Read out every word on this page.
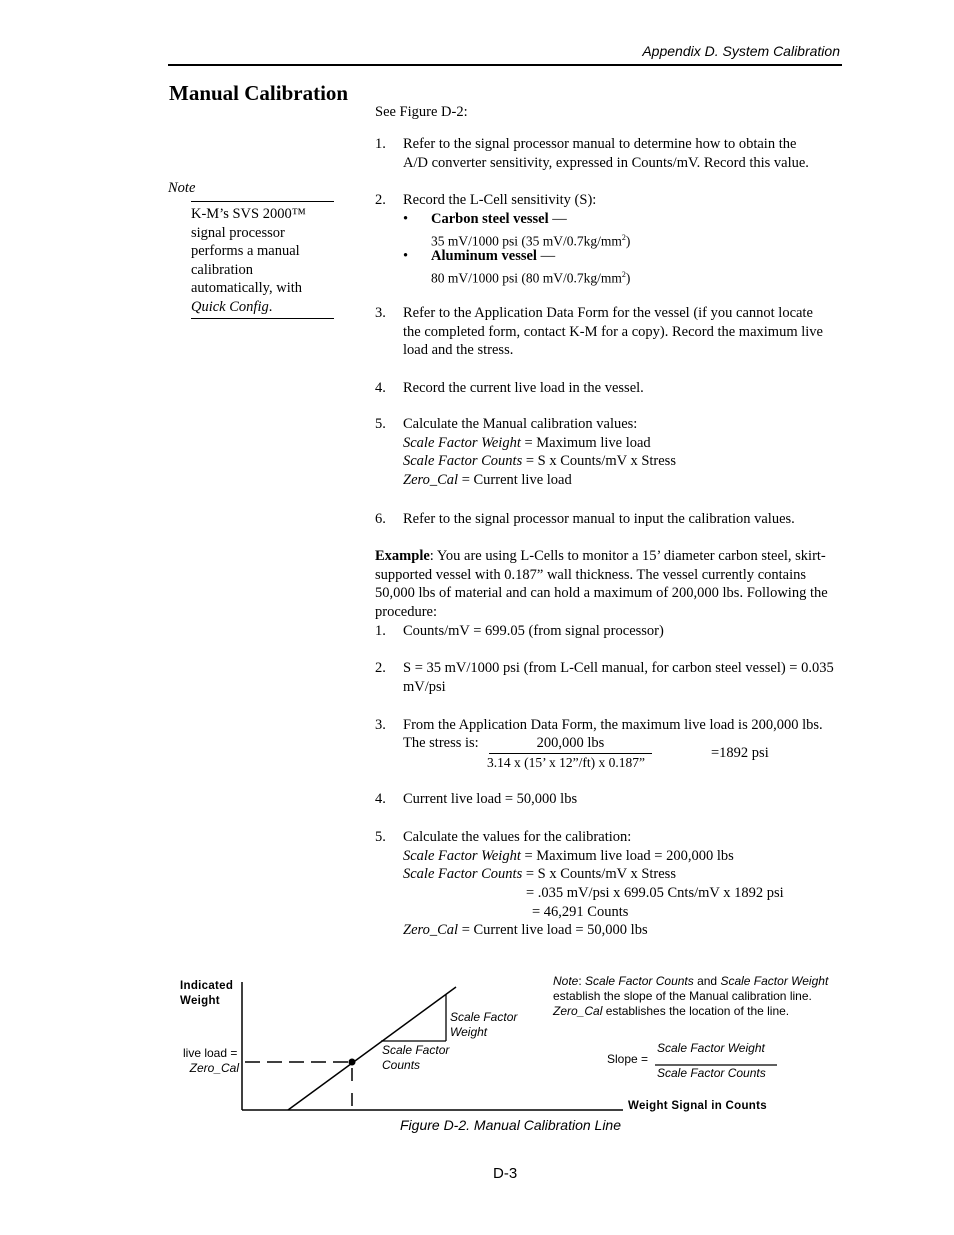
Appendix D. System Calibration
Manual Calibration
Note
K-M’s SVS 2000™
signal processor
performs a manual
calibration
automatically, with
Quick Config.
See Figure D-2:
1. Refer to the signal processor manual to determine how to obtain the
A/D converter sensitivity, expressed in Counts/mV. Record this value.
2. Record the L-Cell sensitivity (S):
• Carbon steel vessel —
35 mV/1000 psi (35 $mV/0.7kg/mm^2$)
• Aluminum vessel —
80 mV/1000 psi (80 $mV/0.7kg/mm^2$)
3. Refer to the Application Data Form for the vessel (if you cannot locate
the completed form, contact K-M for a copy). Record the maximum live
load and the stress.
4. Record the current live load in the vessel.
5. Calculate the Manual calibration values:
Scale Factor Weight = Maximum live load
Scale Factor Counts = S x Counts/mV x Stress
Zero_Cal = Current live load
6. Refer to the signal processor manual to input the calibration values.
Example: You are using L-Cells to monitor a 15’ diameter carbon steel, skirt-
supported vessel with 0.187” wall thickness. The vessel currently contains
50,000 lbs of material and can hold a maximum of 200,000 lbs. Following the
procedure:
1. Counts/mV = 699.05 (from signal processor)
2. S = 35 mV/1000 psi (from L-Cell manual, for carbon steel vessel) = 0.035
mV/psi
3. From the Application Data Form, the maximum live load is 200,000 lbs.
The stress is:	200,000 lbs
3.14 x (15’ x 12”/ft) x 0.187”
=1892 psi
4. Current live load = 50,000 lbs
5. Calculate the values for the calibration:
Scale Factor Weight = Maximum live load = 200,000 lbs
Scale Factor Counts = S x Counts/mV x Stress
= .035 mV/psi x 699.05 Cnts/mV x 1892 psi
= 46,291 Counts
Zero_Cal = Current live load = 50,000 lbs
Indicated
Weight
live load =
Zero_Cal
Scale Factor
Weight
Scale Factor
Counts
Weight Signal in Counts
Note: Scale Factor Counts and Scale Factor Weight
establish the slope of the Manual calibration line.
Zero_Cal establishes the location of the line.
Slope =
Scale Factor Weight
Scale Factor Counts
Figure D-2. Manual Calibration Line
D-3
